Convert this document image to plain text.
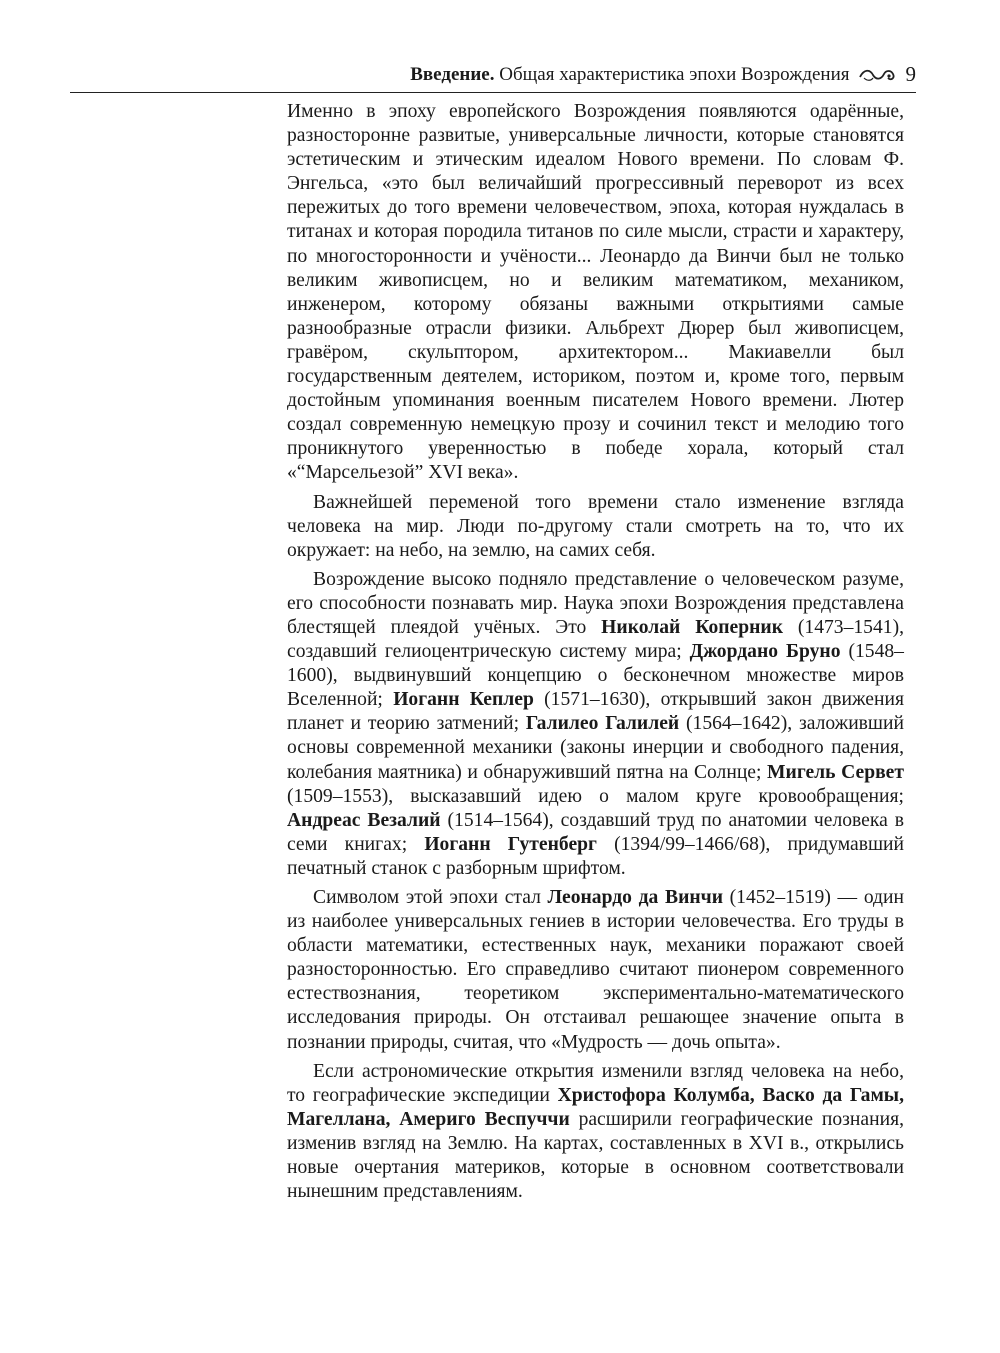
Введение. Общая характеристика эпохи Возрождения	9

Именно в эпоху европейского Возрождения появляются одарённые, разносторонне развитые, универсальные личности, которые становятся эстетическим и этическим идеалом Нового времени. По словам Ф. Энгельса, «это был величайший прогрессивный переворот из всех пережитых до того времени человечеством, эпоха, которая нуждалась в титанах и которая породила титанов по силе мысли, страсти и характеру, по многосторонности и учёности... Леонардо да Винчи был не только великим живописцем, но и великим математиком, механиком, инженером, которому обязаны важными открытиями самые разнообразные отрасли физики. Альбрехт Дюрер был живописцем, гравёром, скульптором, архитектором... Макиавелли был государственным деятелем, историком, поэтом и, кроме того, первым достойным упоминания военным писателем Нового времени. Лютер создал современную немецкую прозу и сочинил текст и мелодию того проникнутого уверенностью в победе хорала, который стал «“Марсельезой” XVI века».

Важнейшей переменой того времени стало изменение взгляда человека на мир. Люди по-другому стали смотреть на то, что их окружает: на небо, на землю, на самих себя.

Возрождение высоко подняло представление о человеческом разуме, его способности познавать мир. Наука эпохи Возрождения представлена блестящей плеядой учёных. Это Николай Коперник (1473–1541), создавший гелиоцентрическую систему мира; Джордано Бруно (1548–1600), выдвинувший концепцию о бесконечном множестве миров Вселенной; Иоганн Кеплер (1571–1630), открывший закон движения планет и теорию затмений; Галилео Галилей (1564–1642), заложивший основы современной механики (законы инерции и свободного падения, колебания маятника) и обнаруживший пятна на Солнце; Мигель Сервет (1509–1553), высказавший идею о малом круге кровообращения; Андреас Везалий (1514–1564), создавший труд по анатомии человека в семи книгах; Иоганн Гутенберг (1394/99–1466/68), придумавший печатный станок с разборным шрифтом.

Символом этой эпохи стал Леонардо да Винчи (1452–1519) — один из наиболее универсальных гениев в истории человечества. Его труды в области математики, естественных наук, механики поражают своей разносторонностью. Его справедливо считают пионером современного естествознания, теоретиком экспериментально-математического исследования природы. Он отстаивал решающее значение опыта в познании природы, считая, что «Мудрость — дочь опыта».

Если астрономические открытия изменили взгляд человека на небо, то географические экспедиции Христофора Колумба, Васко да Гамы, Магеллана, Америго Веспуччи расширили географические познания, изменив взгляд на Землю. На картах, составленных в XVI в., открылись новые очертания материков, которые в основном соответствовали нынешним представлениям.
